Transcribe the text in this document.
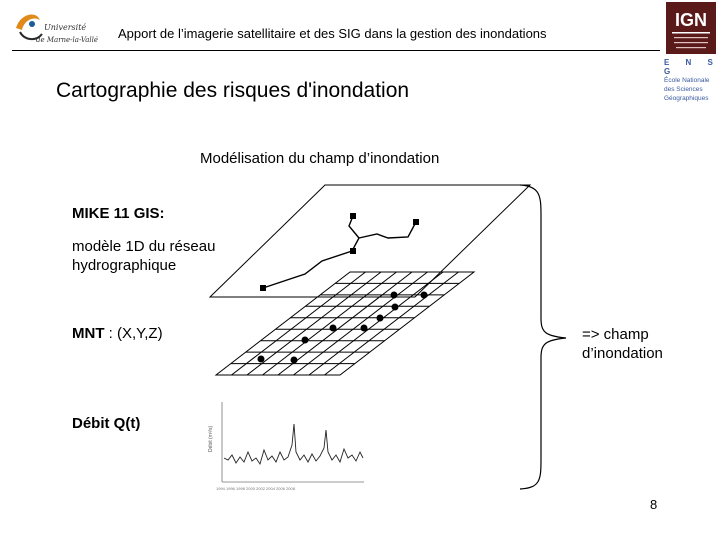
Université
de Marne-la-Vallée Apport de l’imagerie satellitaire et des SIG dans la gestion des inondations
IGN
E N S G
École Nationale
des Sciences
Géographiques
Cartographie des risques d'inondation
Modélisation du champ d’inondation
MIKE 11 GIS:
modèle 1D du réseau hydrographique
MNT : (X,Y,Z)
Débit Q(t)
=> champ d’inondation
8
Débit (m³/s)
1994 1996 1998 2000 2002 2004 2006 2008
